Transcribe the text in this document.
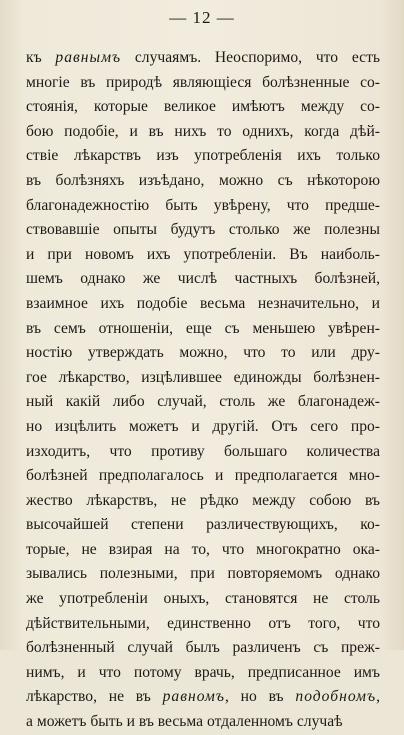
— 12 —
къ равнымъ случаямъ. Неоспоримо, что есть
многіе въ природѣ являющіеся болѣзненные со-
стоянія, которые великое имѣютъ между со-
бою подобіе, и въ нихъ то однихъ, когда дѣй-
ствіе лѣкарствъ изъ употребленія ихъ только
въ болѣзняхъ изъѣдано, можно съ нѣкоторою
благонадежностію быть увѣрену, что предше-
ствовавшіе опыты будутъ столько же полезны
и при новомъ ихъ употребленіи. Въ наиболь-
шемъ однако же числѣ частныхъ болѣзней,
взаимное ихъ подобіе весьма незначительно, и
въ семъ отношеніи, еще съ меньшею увѣрен-
ностію утверждать можно, что то или дру-
гое лѣкарство, изцѣлившее единожды болѣзнен-
ный какій либо случай, столь же благонадеж-
но изцѣлить можетъ и другій. Отъ сего про-
изходитъ, что противу большаго количества
болѣзней предполагалось и предполагается мно-
жество лѣкарствъ, не рѣдко между собою въ
высочайшей степени различествующихъ, ко-
торые, не взирая на то, что многократно ока-
зывались полезными, при повторяемомъ однако
же употребленіи оныхъ, становятся не столь
дѣйствительными, единственно отъ того, что
болѣзненный случай былъ различенъ съ преж-
нимъ, и что потому врачь, предписанное имъ
лѣкарство, не въ равномъ, но въ подобномъ,
а можетъ быть и въ весьма отдаленномъ случаѣ
